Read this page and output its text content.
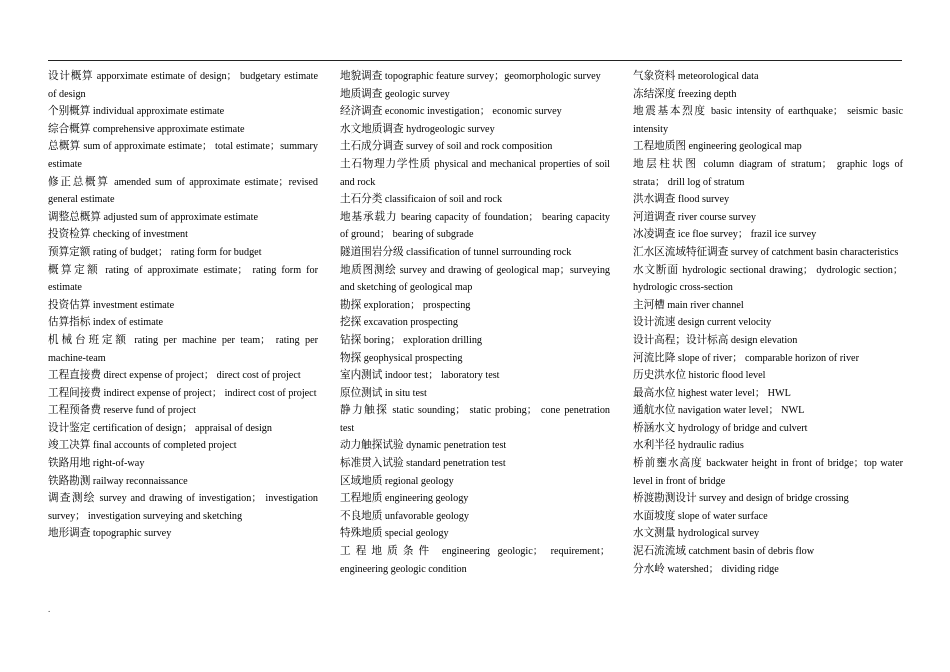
设计概算 apporximate estimate of design； budgetary estimate of design

个别概算 individual approximate estimate

综合概算 comprehensive approximate estimate

总概算 sum of approximate estimate； total estimate；summary estimate

修正总概算 amended sum of approximate estimate；revised general estimate

调整总概算 adjusted sum of approximate estimate

投资检算 checking of investment

预算定额 rating of budget； rating form for budget

概算定额 rating of approximate estimate； rating form for estimate

投资估算 investment estimate

估算指标 index of estimate

机械台班定额 rating per machine per team； rating per machine-team

工程直接费 direct expense of project； direct cost of project

工程间接费 indirect expense of project； indirect cost of project

工程预备费 reserve fund of project

设计鉴定 certification of design； appraisal of design

竣工决算 final accounts of completed project

铁路用地 right-of-way

铁路勘测 railway reconnaissance

调查测绘 survey and drawing of investigation； investigation survey； investigation surveying and sketching

地形调查 topographic survey

地貌调查 topographic feature survey；geomorphologic survey

地质调查 geologic survey

经济调查 economic investigation； economic survey

水文地质调查 hydrogeologic survey

土石成分调查 survey of soil and rock composition

土石物理力学性质 physical and mechanical properties of soil and rock

土石分类 classificaion of soil and rock

地基承载力 bearing capacity of foundation； bearing capacity of ground； bearing of subgrade

隧道围岩分级 classification of tunnel surrounding rock

地质图测绘 survey and drawing of geological map；surveying and sketching of geological map

勘探 exploration； prospecting

挖探 excavation prospecting

钻探 boring； exploration drilling

物探 geophysical prospecting

室内测试 indoor test； laboratory test

原位测试 in situ test

静力触探 static sounding； static probing； cone penetration test

动力触探试验 dynamic penetration test

标准贯入试验 standard penetration test

区域地质 regional geology

工程地质 engineering geology

不良地质 unfavorable geology

特殊地质 special geology

工程地质条件 engineering geologic； requirement；engineering geologic condition

气象资料 meteorological data

冻结深度 freezing depth

地震基本烈度 basic intensity of earthquake； seismic basic intensity

工程地质图 engineering geological map

地层柱状图 column diagram of stratum； graphic logs of strata； drill log of stratum

洪水调查 flood survey

河道调查 river course survey

冰凌调查 ice floe survey； frazil ice survey

汇水区流域特征调查 survey of catchment basin characteristics

水文断面 hydrologic sectional drawing； dydrologic section； hydrologic cross-section

主河槽 main river channel

设计流速 design current velocity

设计高程；设计标高 design elevation

河流比降 slope of river； comparable horizon of river

历史洪水位 historic flood level

最高水位 highest water level； HWL

通航水位 navigation water level； NWL

桥涵水文 hydrology of bridge and culvert

水利半径 hydraulic radius

桥前壅水高度 backwater height in front of bridge；top water level in front of bridge

桥渡勘测设计 survey and design of bridge crossing

水面坡度 slope of water surface

水文测量 hydrological survey

泥石流流域 catchment basin of debris flow

分水岭 watershed； dividing ridge

.
